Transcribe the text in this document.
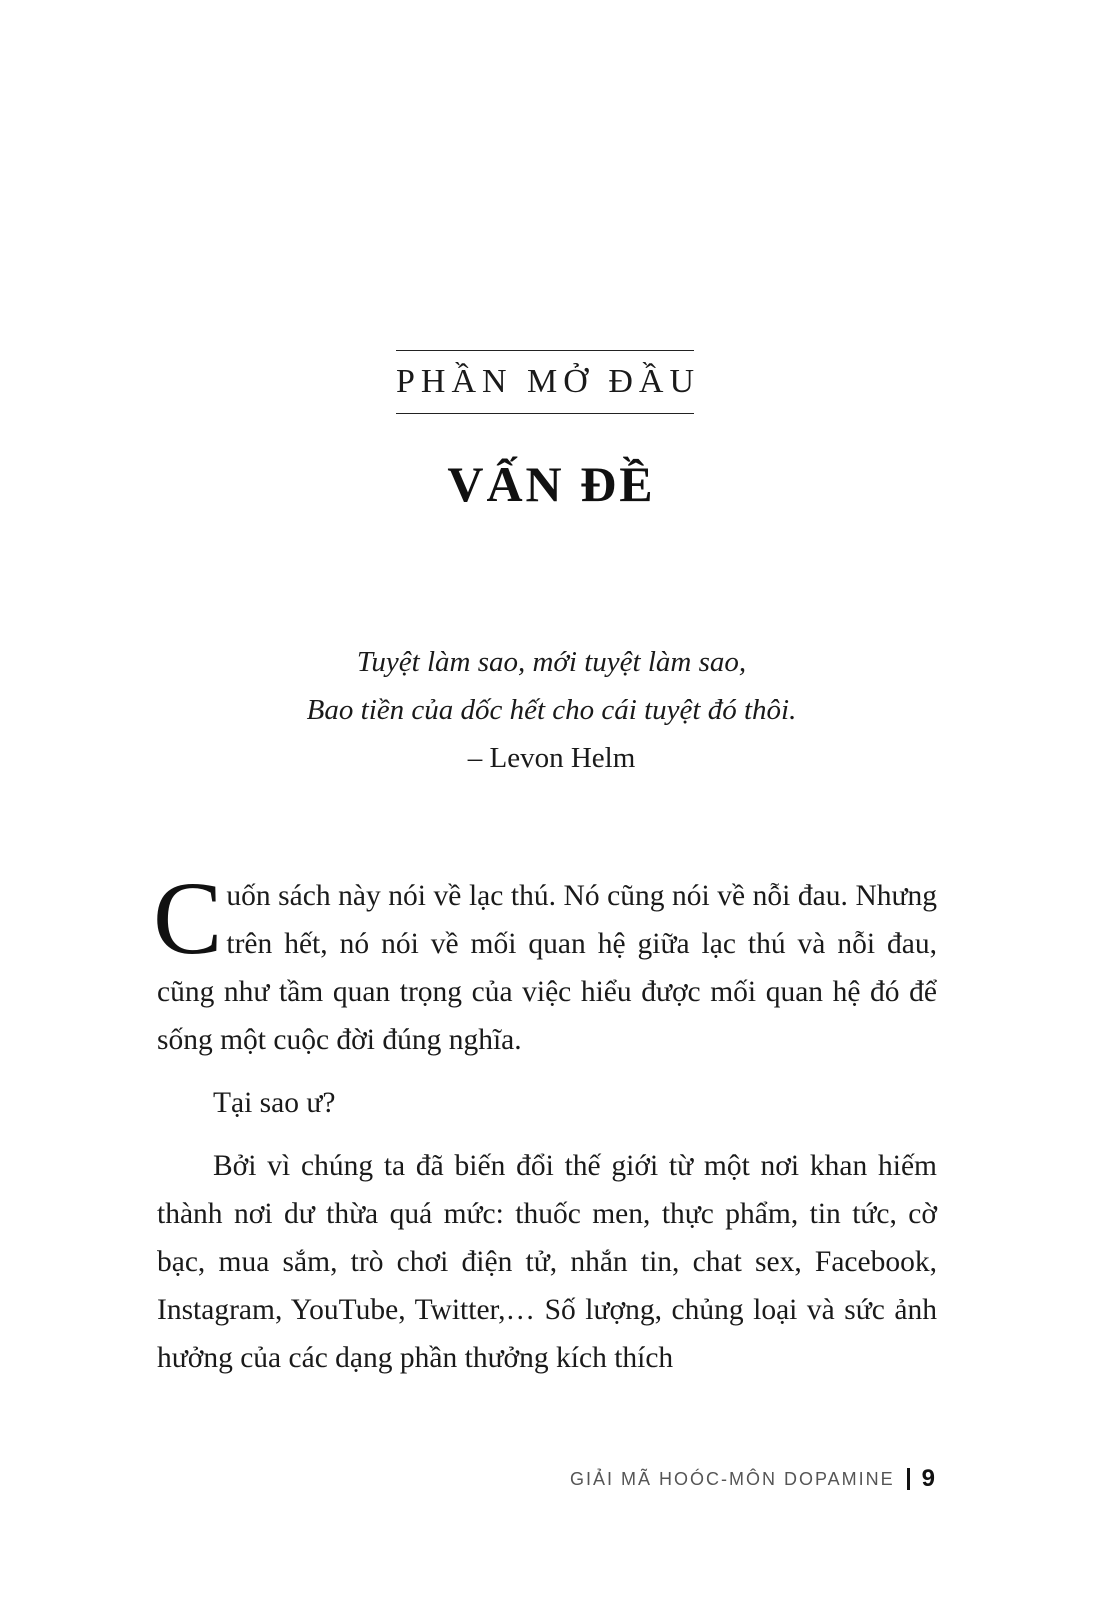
PHẦN MỞ ĐẦU
VẤN ĐỀ
Tuyệt làm sao, mới tuyệt làm sao,
Bao tiền của dốc hết cho cái tuyệt đó thôi.
– Levon Helm

Cuốn sách này nói về lạc thú. Nó cũng nói về nỗi đau. Nhưng trên hết, nó nói về mối quan hệ giữa lạc thú và nỗi đau, cũng như tầm quan trọng của việc hiểu được mối quan hệ đó để sống một cuộc đời đúng nghĩa.

Tại sao ư?

Bởi vì chúng ta đã biến đổi thế giới từ một nơi khan hiếm thành nơi dư thừa quá mức: thuốc men, thực phẩm, tin tức, cờ bạc, mua sắm, trò chơi điện tử, nhắn tin, chat sex, Facebook, Instagram, YouTube, Twitter,… Số lượng, chủng loại và sức ảnh hưởng của các dạng phần thưởng kích thích

GIẢI MÃ HOÓC-MÔN DOPAMINE 9
